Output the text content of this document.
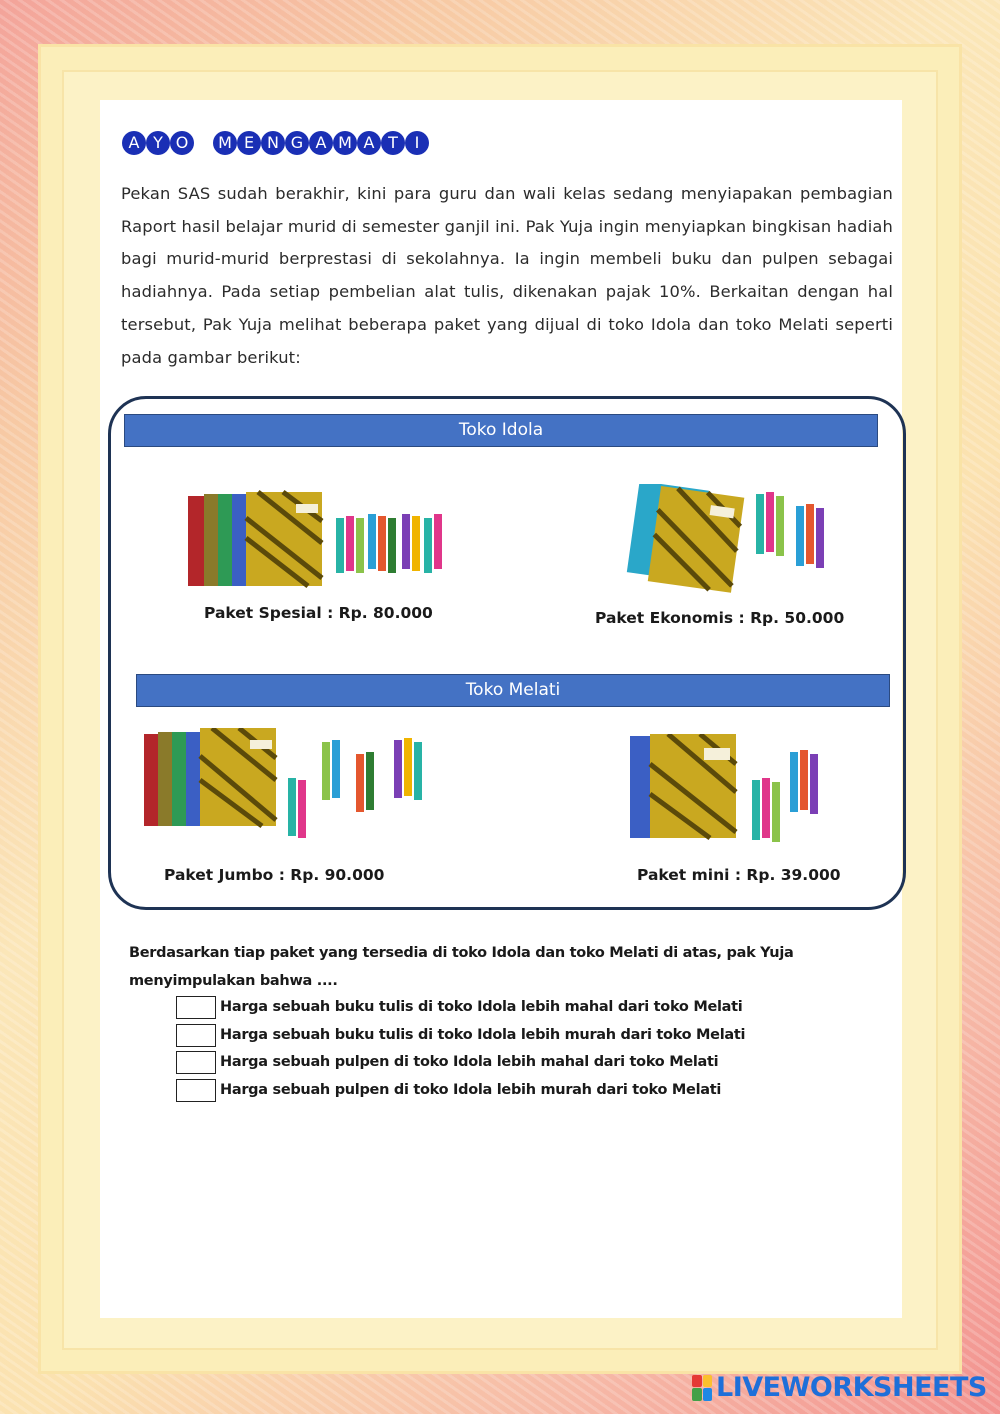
A Y O	M E N G A M A T	I

Pekan SAS sudah berakhir, kini para guru dan wali kelas sedang menyiapakan pembagian Raport hasil belajar murid di semester ganjil ini. Pak Yuja ingin menyiapkan bingkisan hadiah bagi murid-murid berprestasi di sekolahnya. Ia ingin membeli buku dan pulpen sebagai hadiahnya. Pada setiap pembelian alat tulis, dikenakan pajak 10%. Berkaitan dengan hal tersebut, Pak Yuja melihat beberapa paket yang dijual di toko Idola dan toko Melati seperti pada gambar berikut:

Toko Idola
Paket Spesial : Rp. 80.000	Paket Ekonomis : Rp. 50.000
Toko Melati
Paket Jumbo : Rp. 90.000	Paket mini : Rp. 39.000

Berdasarkan tiap paket yang tersedia di toko Idola dan toko Melati di atas, pak Yuja menyimpulakan bahwa ....

Harga sebuah buku tulis di toko Idola lebih mahal dari toko Melati
Harga sebuah buku tulis di toko Idola lebih murah dari toko Melati
Harga sebuah pulpen di toko Idola lebih mahal dari toko Melati
Harga sebuah pulpen di toko Idola lebih murah dari toko Melati
LIVEWORKSHEETS
